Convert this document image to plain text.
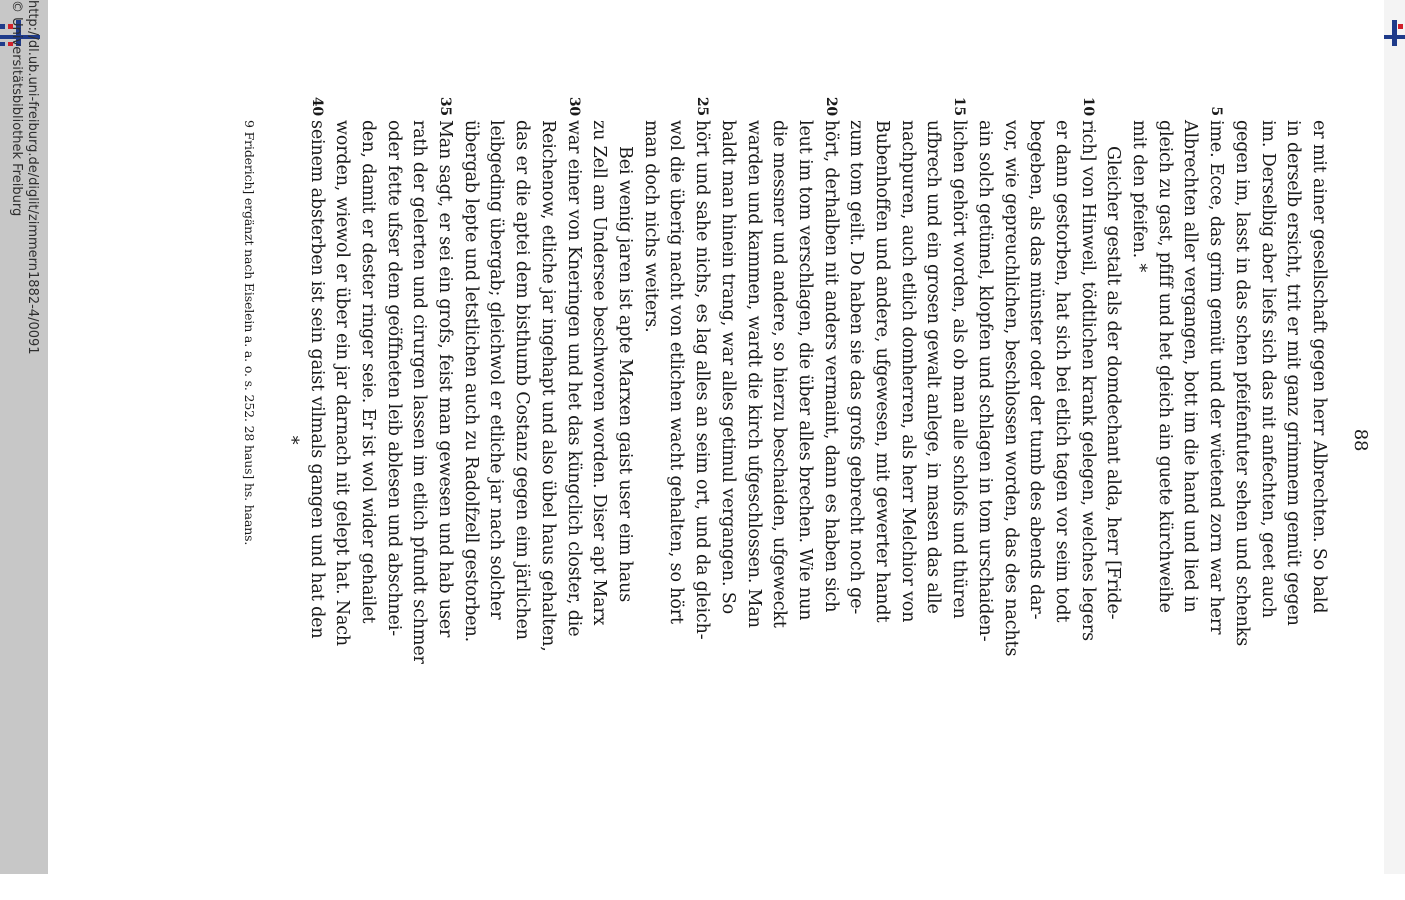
http://dl.ub.uni-freiburg.de/diglit/zimmern1882-4/0091
© Universitätsbibliothek Freiburg
88

er mit ainer gesellschaft gegen herr Albrechten. So bald

in derselb ersicht, trit er mit ganz grimmem gemüt gegen

im. Derselbig aber liefs sich das nit anfechten, geet auch

gegen im, lasst in das schen pfeifenfuter sehen und schenks

5
ime. Ecce, das grim gemüt und der wüetend zorn war herr

Albrechten aller vergangen, bott im die hand und lied in

gleich zu gast, pfiff und het gleich ain guete kürchweihe

mit den pfeifen. *

Gleicher gestalt als der domdechant alda, herr [Fride-

10
rich] von Hinweil, tödtlichen krank gelegen, welches legers

er dann gestorben, hat sich bei etlich tagen vor seim todt

begeben, als das münster oder der tumb des abends dar-

vor, wie gepreuchlichen, beschlossen worden, das des nachts

ain solch getümel, klopfen und schlagen in tom urschaiden-

15
lichen gehört worden, als ob man alle schlofs und thüren

ufbrech und ein grosen gewalt anlege, in masen das alle

nachpuren, auch etlich domherren, als herr Melchior von

Bubenhoffen und andere, ufgewesen, mit gewerter handt

zum tom geilt. Do haben sie das grofs gebrecht noch ge-

20
hört, derhalben nit anders vermaint, dann es haben sich

leut im tom verschlagen, die über alles brechen. Wie nun

die messner und andere, so hierzu beschaiden, ufgeweckt

warden und kammen, wardt die kirch ufgeschlossen. Man

baldt man hinein trang, war alles getimul vergangen. So

25
hört und sahe nichs, es lag alles an seim ort, und da gleich-

wol die überig nacht von etlichen wacht gehalten, so hört

man doch nichs weiters.

Bei wenig jaren ist apte Marxen gaist user eim haus

zu Zell am Undersee beschworen worden. Diser apt Marx

30
war einer von Kneringen und het das küngclich closter, die

Reichenow, etliche jar ingehapt und also übel haus gehalten,

das er die aptei dem bisthumb Costanz gegen eim järlichen

leibgeding übergab; gleichwol er etliche jar nach solcher

übergab lepte und letstlichen auch zu Radolfzell gestorben.

35
Man sagt, er sei ein grofs, feist man gewesen und hab user

rath der gelerten und cirurgen lassen im etlich pfundt schmer

oder fette ufser dem geöffneten leib ablesen und abschnei-

den, damit er dester ringer seie. Er ist wol wider gehailet

worden, wiewol er über ein jar darnach nit gelept hat. Nach

40
seinem absterben ist sein gaist vilmals gangen und hat den

*
9 Friderich] ergänzt nach Eiselein a. a. o. s. 252. 28 haus] hs. haans.
